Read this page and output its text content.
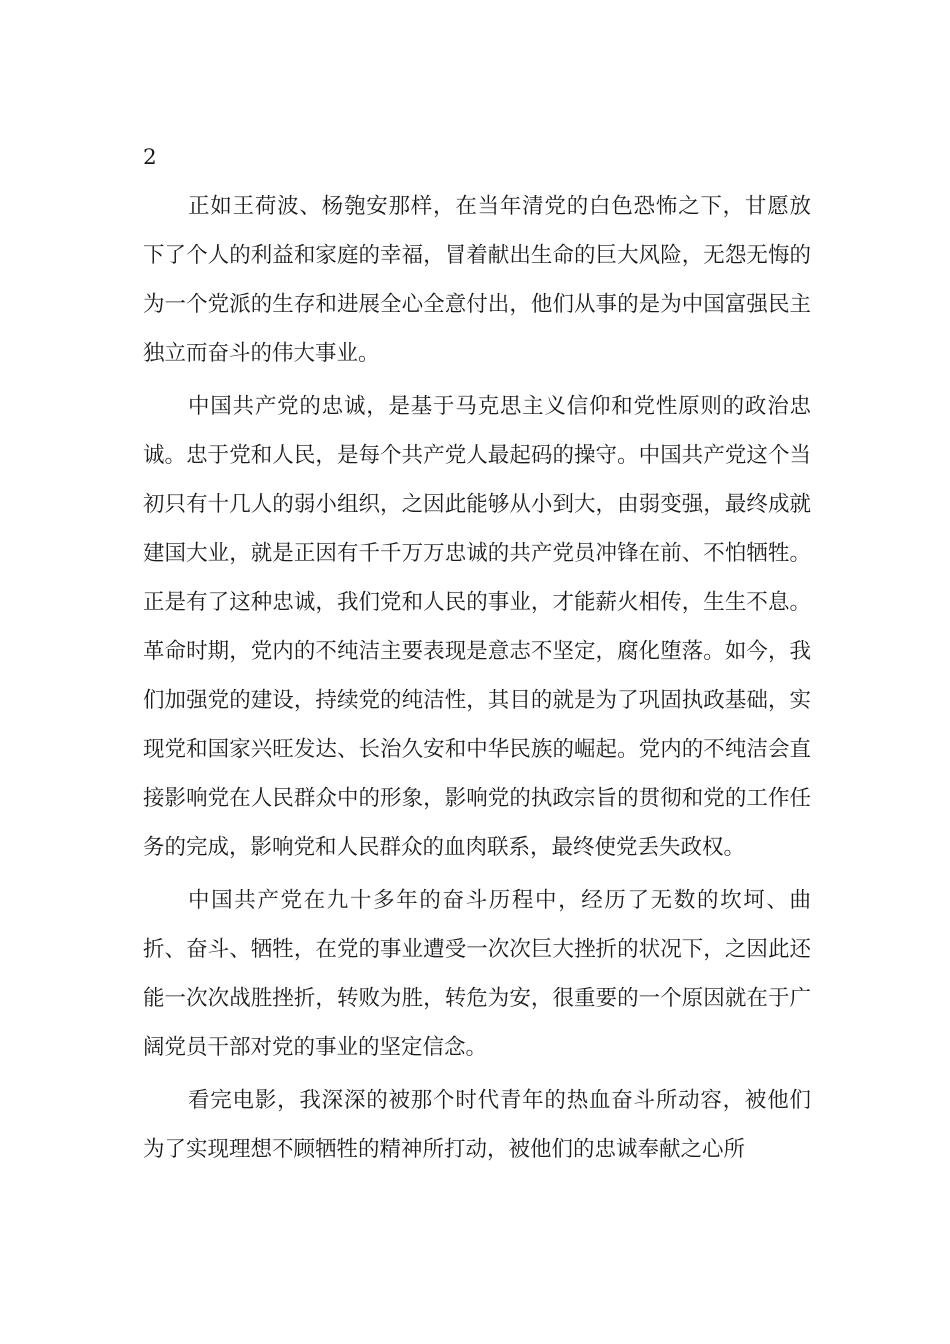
2

正如王荷波、杨匏安那样，在当年清党的白色恐怖之下，甘愿放下了个人的利益和家庭的幸福，冒着献出生命的巨大风险，无怨无悔的为一个党派的生存和进展全心全意付出，他们从事的是为中国富强民主独立而奋斗的伟大事业。

中国共产党的忠诚，是基于马克思主义信仰和党性原则的政治忠诚。忠于党和人民，是每个共产党人最起码的操守。中国共产党这个当初只有十几人的弱小组织，之因此能够从小到大，由弱变强，最终成就建国大业，就是正因有千千万万忠诚的共产党员冲锋在前、不怕牺牲。正是有了这种忠诚，我们党和人民的事业，才能薪火相传，生生不息。革命时期，党内的不纯洁主要表现是意志不坚定，腐化堕落。如今，我们加强党的建设，持续党的纯洁性，其目的就是为了巩固执政基础，实现党和国家兴旺发达、长治久安和中华民族的崛起。党内的不纯洁会直接影响党在人民群众中的形象，影响党的执政宗旨的贯彻和党的工作任务的完成，影响党和人民群众的血肉联系，最终使党丢失政权。

中国共产党在九十多年的奋斗历程中，经历了无数的坎坷、曲折、奋斗、牺牲，在党的事业遭受一次次巨大挫折的状况下，之因此还能一次次战胜挫折，转败为胜，转危为安，很重要的一个原因就在于广阔党员干部对党的事业的坚定信念。

看完电影，我深深的被那个时代青年的热血奋斗所动容，被他们为了实现理想不顾牺牲的精神所打动，被他们的忠诚奉献之心所
